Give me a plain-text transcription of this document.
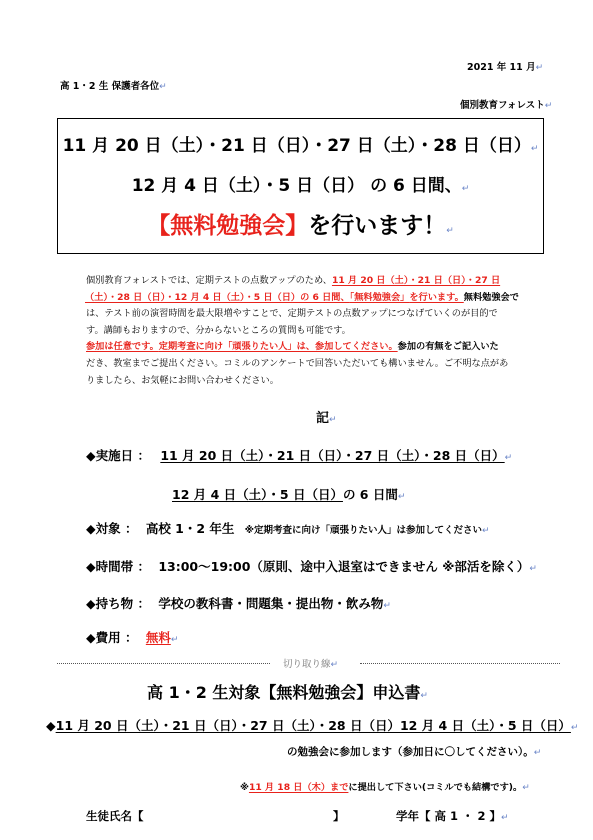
2021 年 11 月↵
高 1・2 生 保護者各位↵
個別教育フォレスト↵
11 月 20 日（土）・21 日（日）・27 日（土）・28 日（日）↵
12 月 4 日（土）・5 日（日） の 6 日間、↵
【無料勉強会】を行います！↵
個別教育フォレストでは、定期テストの点数アップのため、11 月 20 日（土）・21 日（日）・27 日
（土）・28 日（日）・12 月 4 日（土）・5 日（日）の 6 日間、「無料勉強会」を行います。無料勉強会で
は、テスト前の演習時間を最大限増やすことで、定期テストの点数アップにつなげていくのが目的で
す。講師もおりますので、分からないところの質問も可能です。
参加は任意です。定期考査に向け「頑張りたい人」は、参加してください。参加の有無をご記入いた
だき、教室までご提出ください。コミルのアンケートで回答いただいても構いません。ご不明な点があ
りましたら、お気軽にお問い合わせください。
記↵
◆実施日 ： 11 月 20 日（土）・21 日（日）・27 日（土）・28 日（日）↵
12 月 4 日（土）・5 日（日）の 6 日間↵
◆対象 ： 高校 1・2 年生 ※定期考査に向け「頑張りたい人」は参加してください↵
◆時間帯 ： 13:00～19:00（原則、途中入退室はできません ※部活を除く）↵
◆持ち物 ： 学校の教科書・問題集・提出物・飲み物↵
◆費用 ： 無料↵
切り取り線↵
高 1・2 生対象【無料勉強会】申込書↵
◆11 月 20 日（土）・21 日（日）・27 日（土）・28 日（日）12 月 4 日（土）・5 日（日）↵
の勉強会に参加します（参加日に〇してください）。↵
※11 月 18 日（木）までに提出して下さい(コミルでも結構です)。↵
生徒氏名【	】	学年【 高 1 ・ 2 】↵
